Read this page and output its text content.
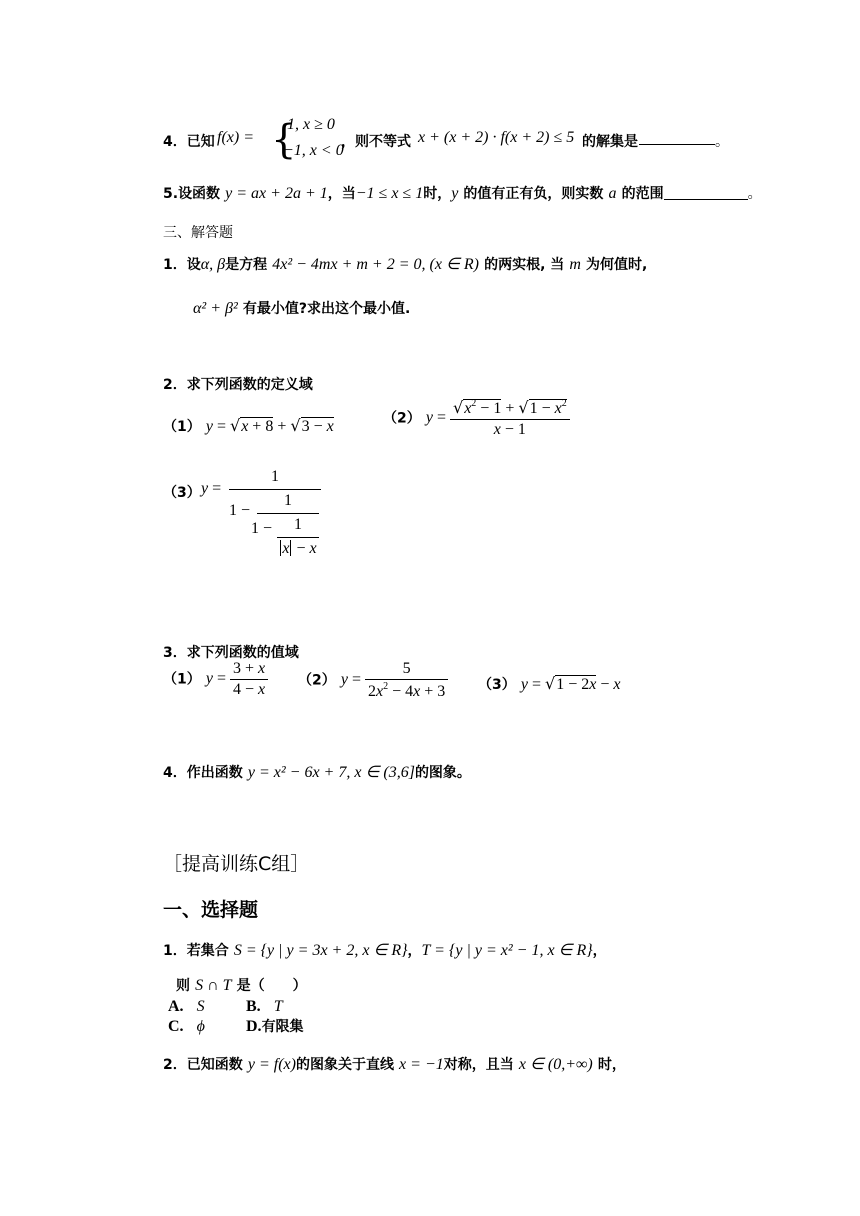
4．已知 f(x) = {
1, x ≥ 0
−1, x < 0
，则不等式 x + (x + 2) · f(x + 2) ≤ 5 的解集是	。
5.设函数 y = ax + 2a + 1，当−1 ≤ x ≤ 1时，y 的值有正有负，则实数 a 的范围	。
三、解答题
1．设α, β是方程 4x² − 4mx + m + 2 = 0, (x ∈ R) 的两实根, 当 m 为何值时,
α² + β² 有最小值?求出这个最小值.
2．求下列函数的定义域
（1） y = √x + 8 + √3 − x	（2） $y = \frac{√x^2 - 1 + √1 - x^2}{x - 1}$
（3） y =
1
1 −
1
1 −	1
x − x
3．求下列函数的值域
（1） $y = \frac{3 + x}{4 - x} (2) y = \frac{5}{2x^2 - 4x + 3} (3) y = √1 - 2x - x$
4．作出函数 y = x² − 6x + 7, x ∈ (3,6]的图象。
［提高训练C组］
一、选择题
1．若集合 S = {y | y = 3x + 2, x ∈ R}，T = {y | y = x² − 1, x ∈ R}，
则 S ∩ T 是（　　）
A. S	B. T
C. ϕ	D.有限集
2．已知函数 y = f(x)的图象关于直线 x = −1对称，且当 x ∈ (0,+∞) 时，
